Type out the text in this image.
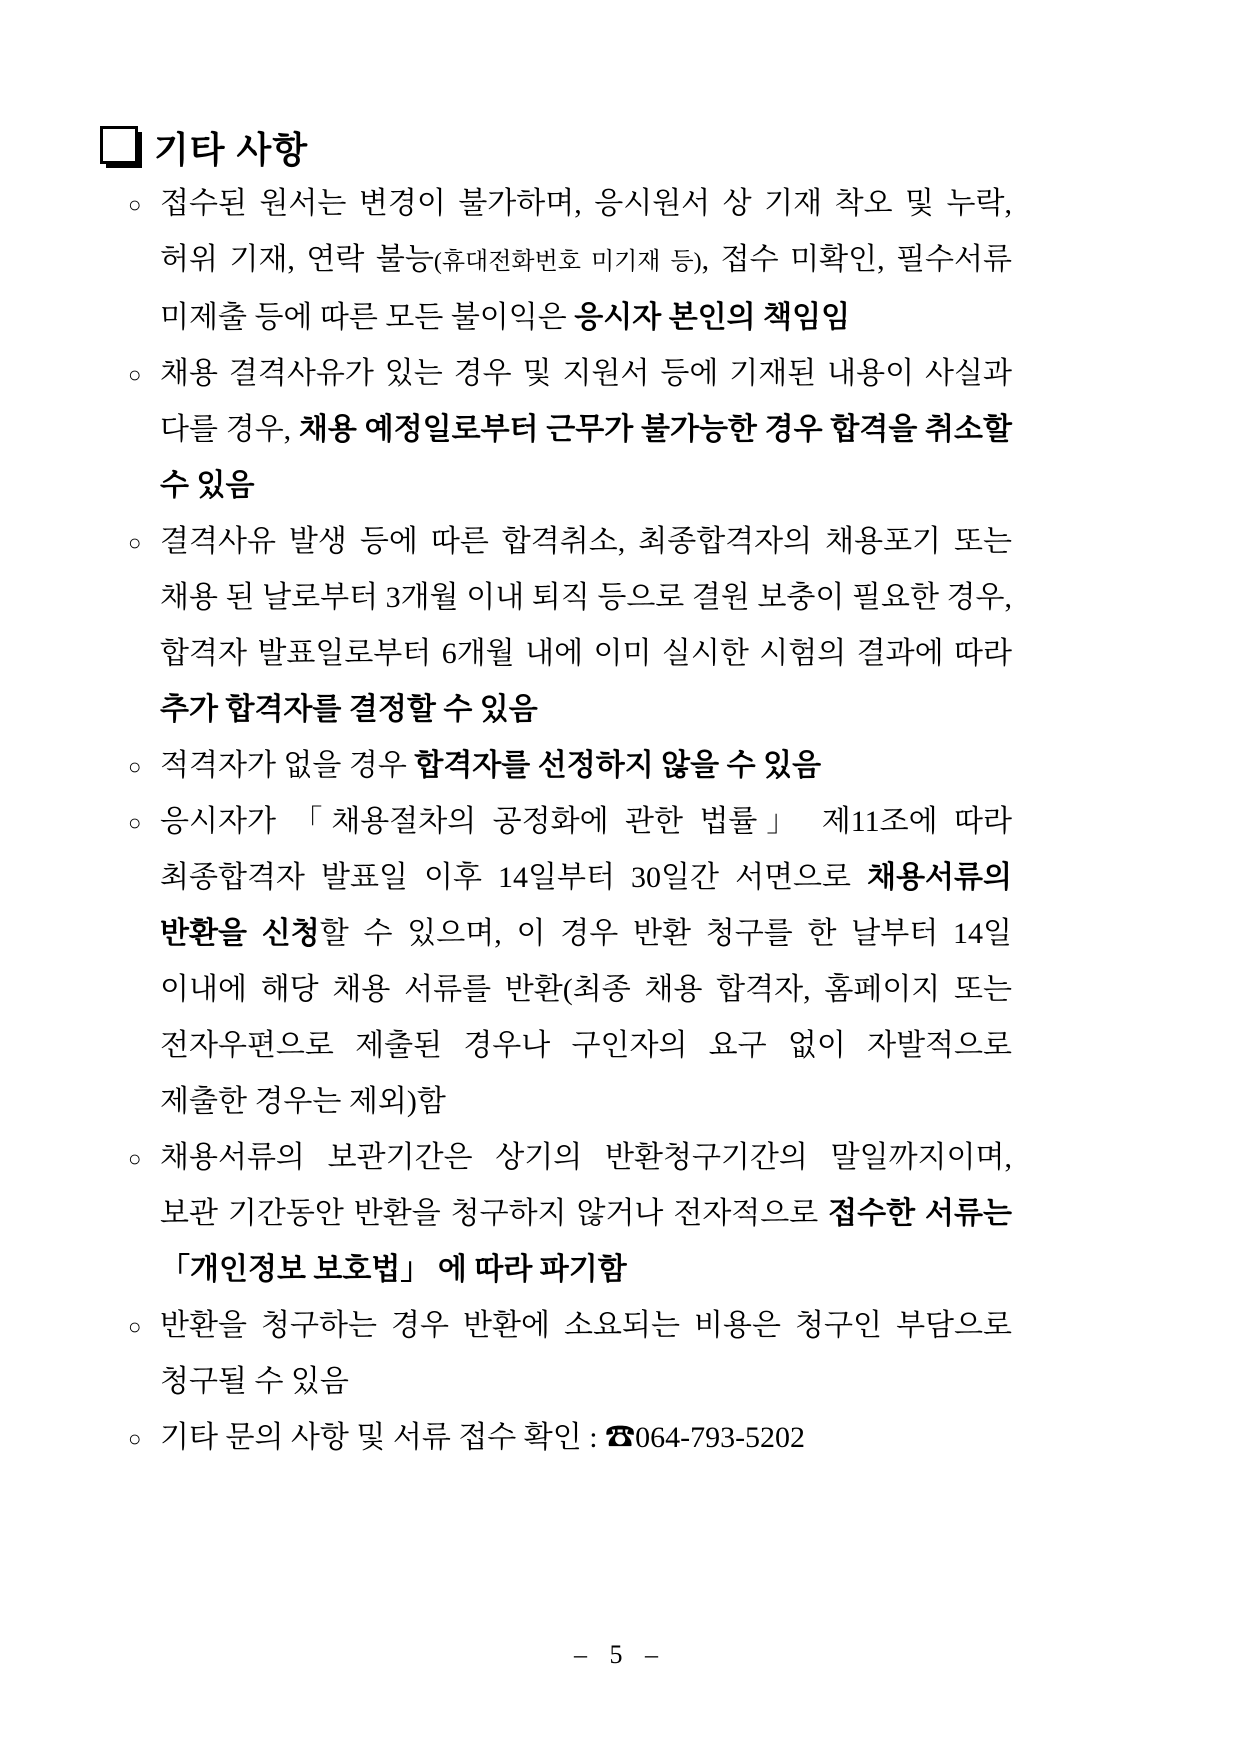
기타 사항
○ 접수된 원서는 변경이 불가하며, 응시원서 상 기재 착오 및 누락, 허위 기재, 연락 불능(휴대전화번호 미기재 등), 접수 미확인, 필수서류 미제출 등에 따른 모든 불이익은 응시자 본인의 책임임
○ 채용 결격사유가 있는 경우 및 지원서 등에 기재된 내용이 사실과 다를 경우, 채용 예정일로부터 근무가 불가능한 경우 합격을 취소할 수 있음
○ 결격사유 발생 등에 따른 합격취소, 최종합격자의 채용포기 또는 채용 된 날로부터 3개월 이내 퇴직 등으로 결원 보충이 필요한 경우, 합격자 발표일로부터 6개월 내에 이미 실시한 시험의 결과에 따라 추가 합격자를 결정할 수 있음
○ 적격자가 없을 경우 합격자를 선정하지 않을 수 있음
○ 응시자가 「채용절차의 공정화에 관한 법률」 제11조에 따라 최종합격자 발표일 이후 14일부터 30일간 서면으로 채용서류의 반환을 신청할 수 있으며, 이 경우 반환 청구를 한 날부터 14일 이내에 해당 채용 서류를 반환(최종 채용 합격자, 홈페이지 또는 전자우편으로 제출된 경우나 구인자의 요구 없이 자발적으로 제출한 경우는 제외)함
○ 채용서류의 보관기간은 상기의 반환청구기간의 말일까지이며, 보관 기간동안 반환을 청구하지 않거나 전자적으로 접수한 서류는 「개인정보 보호법」 에 따라 파기함
○ 반환을 청구하는 경우 반환에 소요되는 비용은 청구인 부담으로 청구될 수 있음
○ 기타 문의 사항 및 서류 접수 확인 : ☎064-793-5202
– 5 –
